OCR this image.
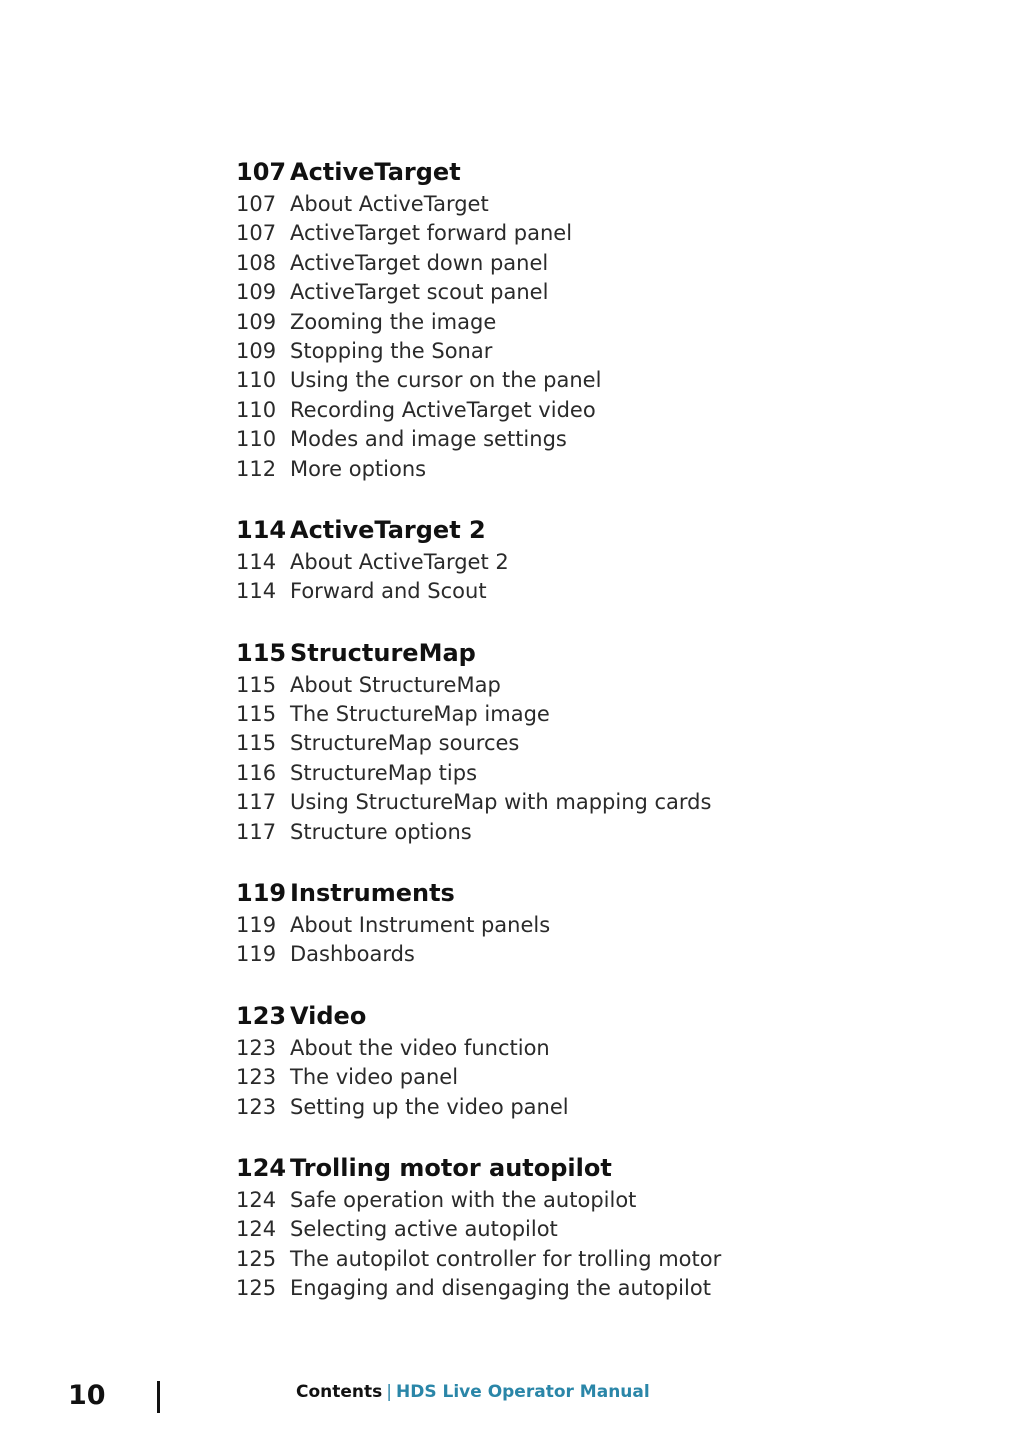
107 ActiveTarget
107 About ActiveTarget
107 ActiveTarget forward panel
108 ActiveTarget down panel
109 ActiveTarget scout panel
109 Zooming the image
109 Stopping the Sonar
110 Using the cursor on the panel
110 Recording ActiveTarget video
110 Modes and image settings
112 More options
114 ActiveTarget 2
114 About ActiveTarget 2
114 Forward and Scout
115 StructureMap
115 About StructureMap
115 The StructureMap image
115 StructureMap sources
116 StructureMap tips
117 Using StructureMap with mapping cards
117 Structure options
119 Instruments
119 About Instrument panels
119 Dashboards
123 Video
123 About the video function
123 The video panel
123 Setting up the video panel
124 Trolling motor autopilot
124 Safe operation with the autopilot
124 Selecting active autopilot
125 The autopilot controller for trolling motor
125 Engaging and disengaging the autopilot
10	Contents | HDS Live Operator Manual
